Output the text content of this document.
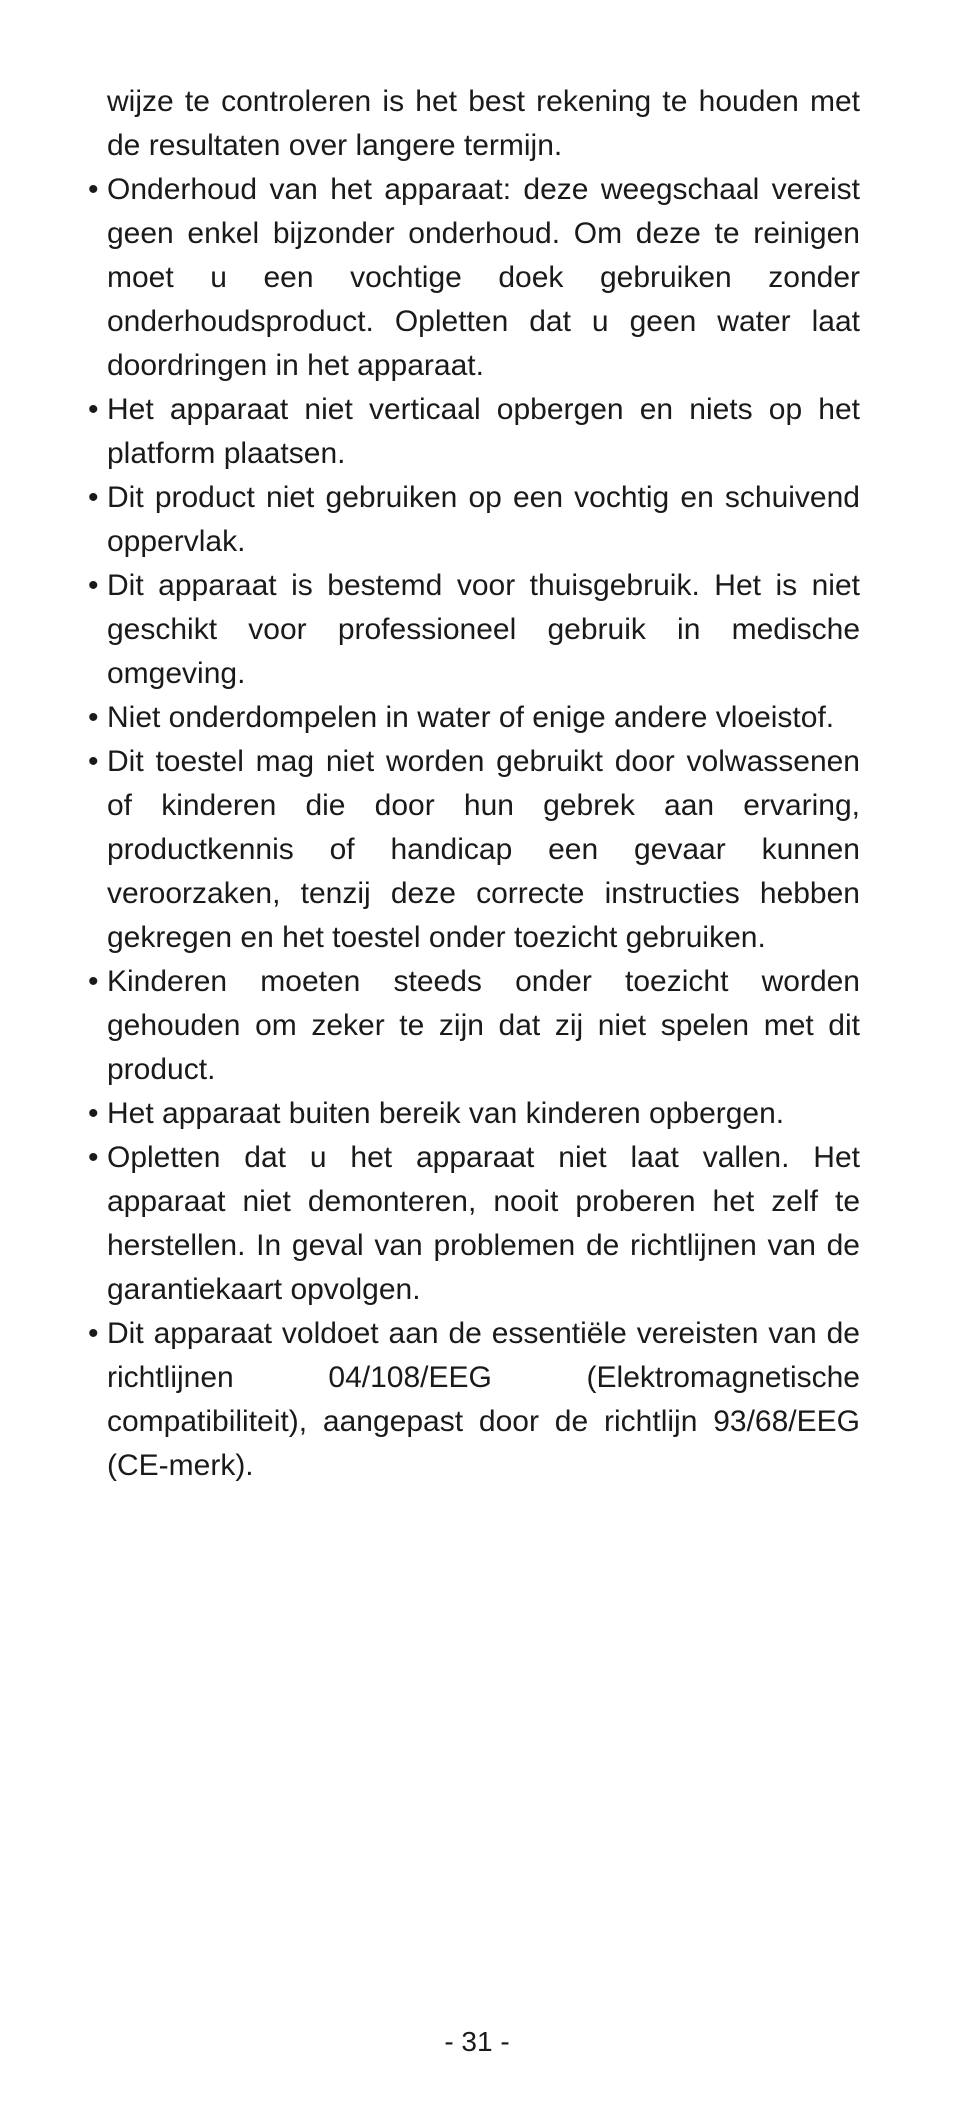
wijze te controleren is het best rekening te houden met de resultaten over langere termijn.

• Onderhoud van het apparaat: deze weegschaal vereist geen enkel bijzonder onderhoud. Om deze te reinigen moet u een vochtige doek gebruiken zonder onderhoudsproduct. Opletten dat u geen water laat doordringen in het apparaat.
• Het apparaat niet verticaal opbergen en niets op het platform plaatsen.
• Dit product niet gebruiken op een vochtig en schuivend oppervlak.
• Dit apparaat is bestemd voor thuisgebruik. Het is niet geschikt voor professioneel gebruik in medische omgeving.
• Niet onderdompelen in water of enige andere vloeistof.
• Dit toestel mag niet worden gebruikt door volwassenen of kinderen die door hun gebrek aan ervaring, productkennis of handicap een gevaar kunnen veroorzaken, tenzij deze correcte instructies hebben gekregen en het toestel onder toezicht gebruiken.
• Kinderen moeten steeds onder toezicht worden gehouden om zeker te zijn dat zij niet spelen met dit product.
• Het apparaat buiten bereik van kinderen opbergen.
• Opletten dat u het apparaat niet laat vallen. Het apparaat niet demonteren, nooit proberen het zelf te herstellen. In geval van problemen de richtlijnen van de garantiekaart opvolgen.
• Dit apparaat voldoet aan de essentiële vereisten van de richtlijnen 04/108/EEG (Elektromagnetische compatibiliteit), aangepast door de richtlijn 93/68/EEG (CE-merk).
- 31 -
